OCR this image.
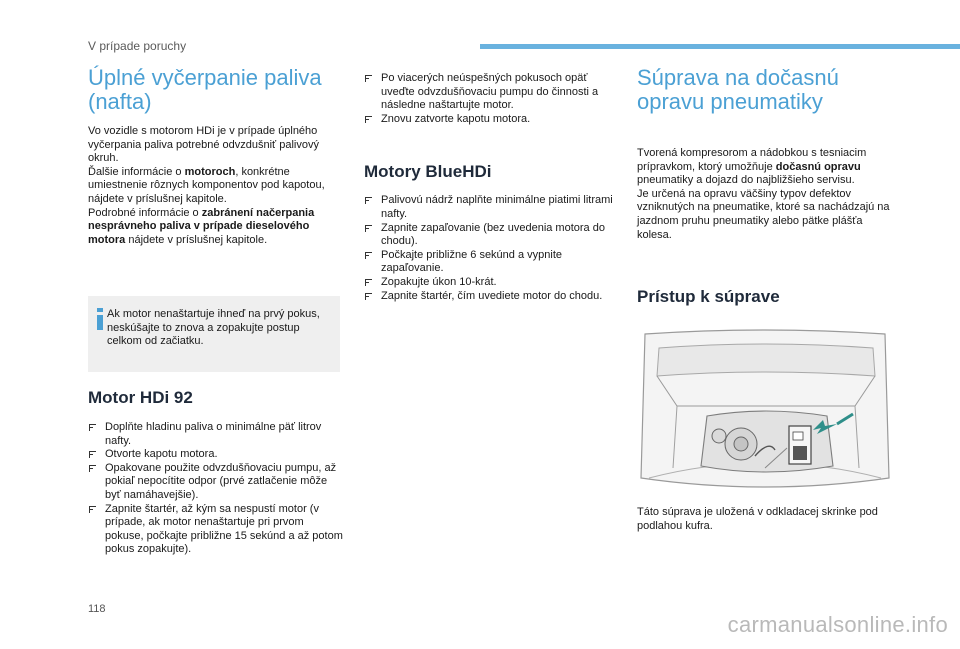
V prípade poruchy
Úplné vyčerpanie paliva (nafta)

Vo vozidle s motorom HDi je v prípade úplného vyčerpania paliva potrebné odvzdušniť palivový okruh.
Ďalšie informácie o motoroch, konkrétne umiestnenie rôznych komponentov pod kapotou, nájdete v príslušnej kapitole.
Podrobné informácie o zabránení načerpania nesprávneho paliva v prípade dieselového motora nájdete v príslušnej kapitole.

Ak motor nenaštartuje ihneď na prvý pokus, neskúšajte to znova a zopakujte postup celkom od začiatku.
Motor HDi 92
Doplňte hladinu paliva o minimálne päť litrov nafty.
Otvorte kapotu motora.
Opakovane použite odvzdušňovaciu pumpu, až pokiaľ nepocítite odpor (prvé zatlačenie môže byť namáhavejšie).
Zapnite štartér, až kým sa nespustí motor (v prípade, ak motor nenaštartuje pri prvom pokuse, počkajte približne 15 sekúnd a až potom pokus zopakujte).
Po viacerých neúspešných pokusoch opäť uveďte odvzdušňovaciu pumpu do činnosti a následne naštartujte motor.
Znovu zatvorte kapotu motora.
Motory BlueHDi
Palivovú nádrž naplňte minimálne piatimi litrami nafty.
Zapnite zapaľovanie (bez uvedenia motora do chodu).
Počkajte približne 6 sekúnd a vypnite zapaľovanie.
Zopakujte úkon 10-krát.
Zapnite štartér, čím uvediete motor do chodu.
Súprava na dočasnú opravu pneumatiky

Tvorená kompresorom a nádobkou s tesniacim prípravkom, ktorý umožňuje dočasnú opravu pneumatiky a dojazd do najbližšieho servisu.
Je určená na opravu väčšiny typov defektov vzniknutých na pneumatike, ktoré sa nachádzajú na jazdnom pruhu pneumatiky alebo pätke plášťa kolesa.

Prístup k súprave

Táto súprava je uložená v odkladacej skrinke pod podlahou kufra.

118
carmanualsonline.info
